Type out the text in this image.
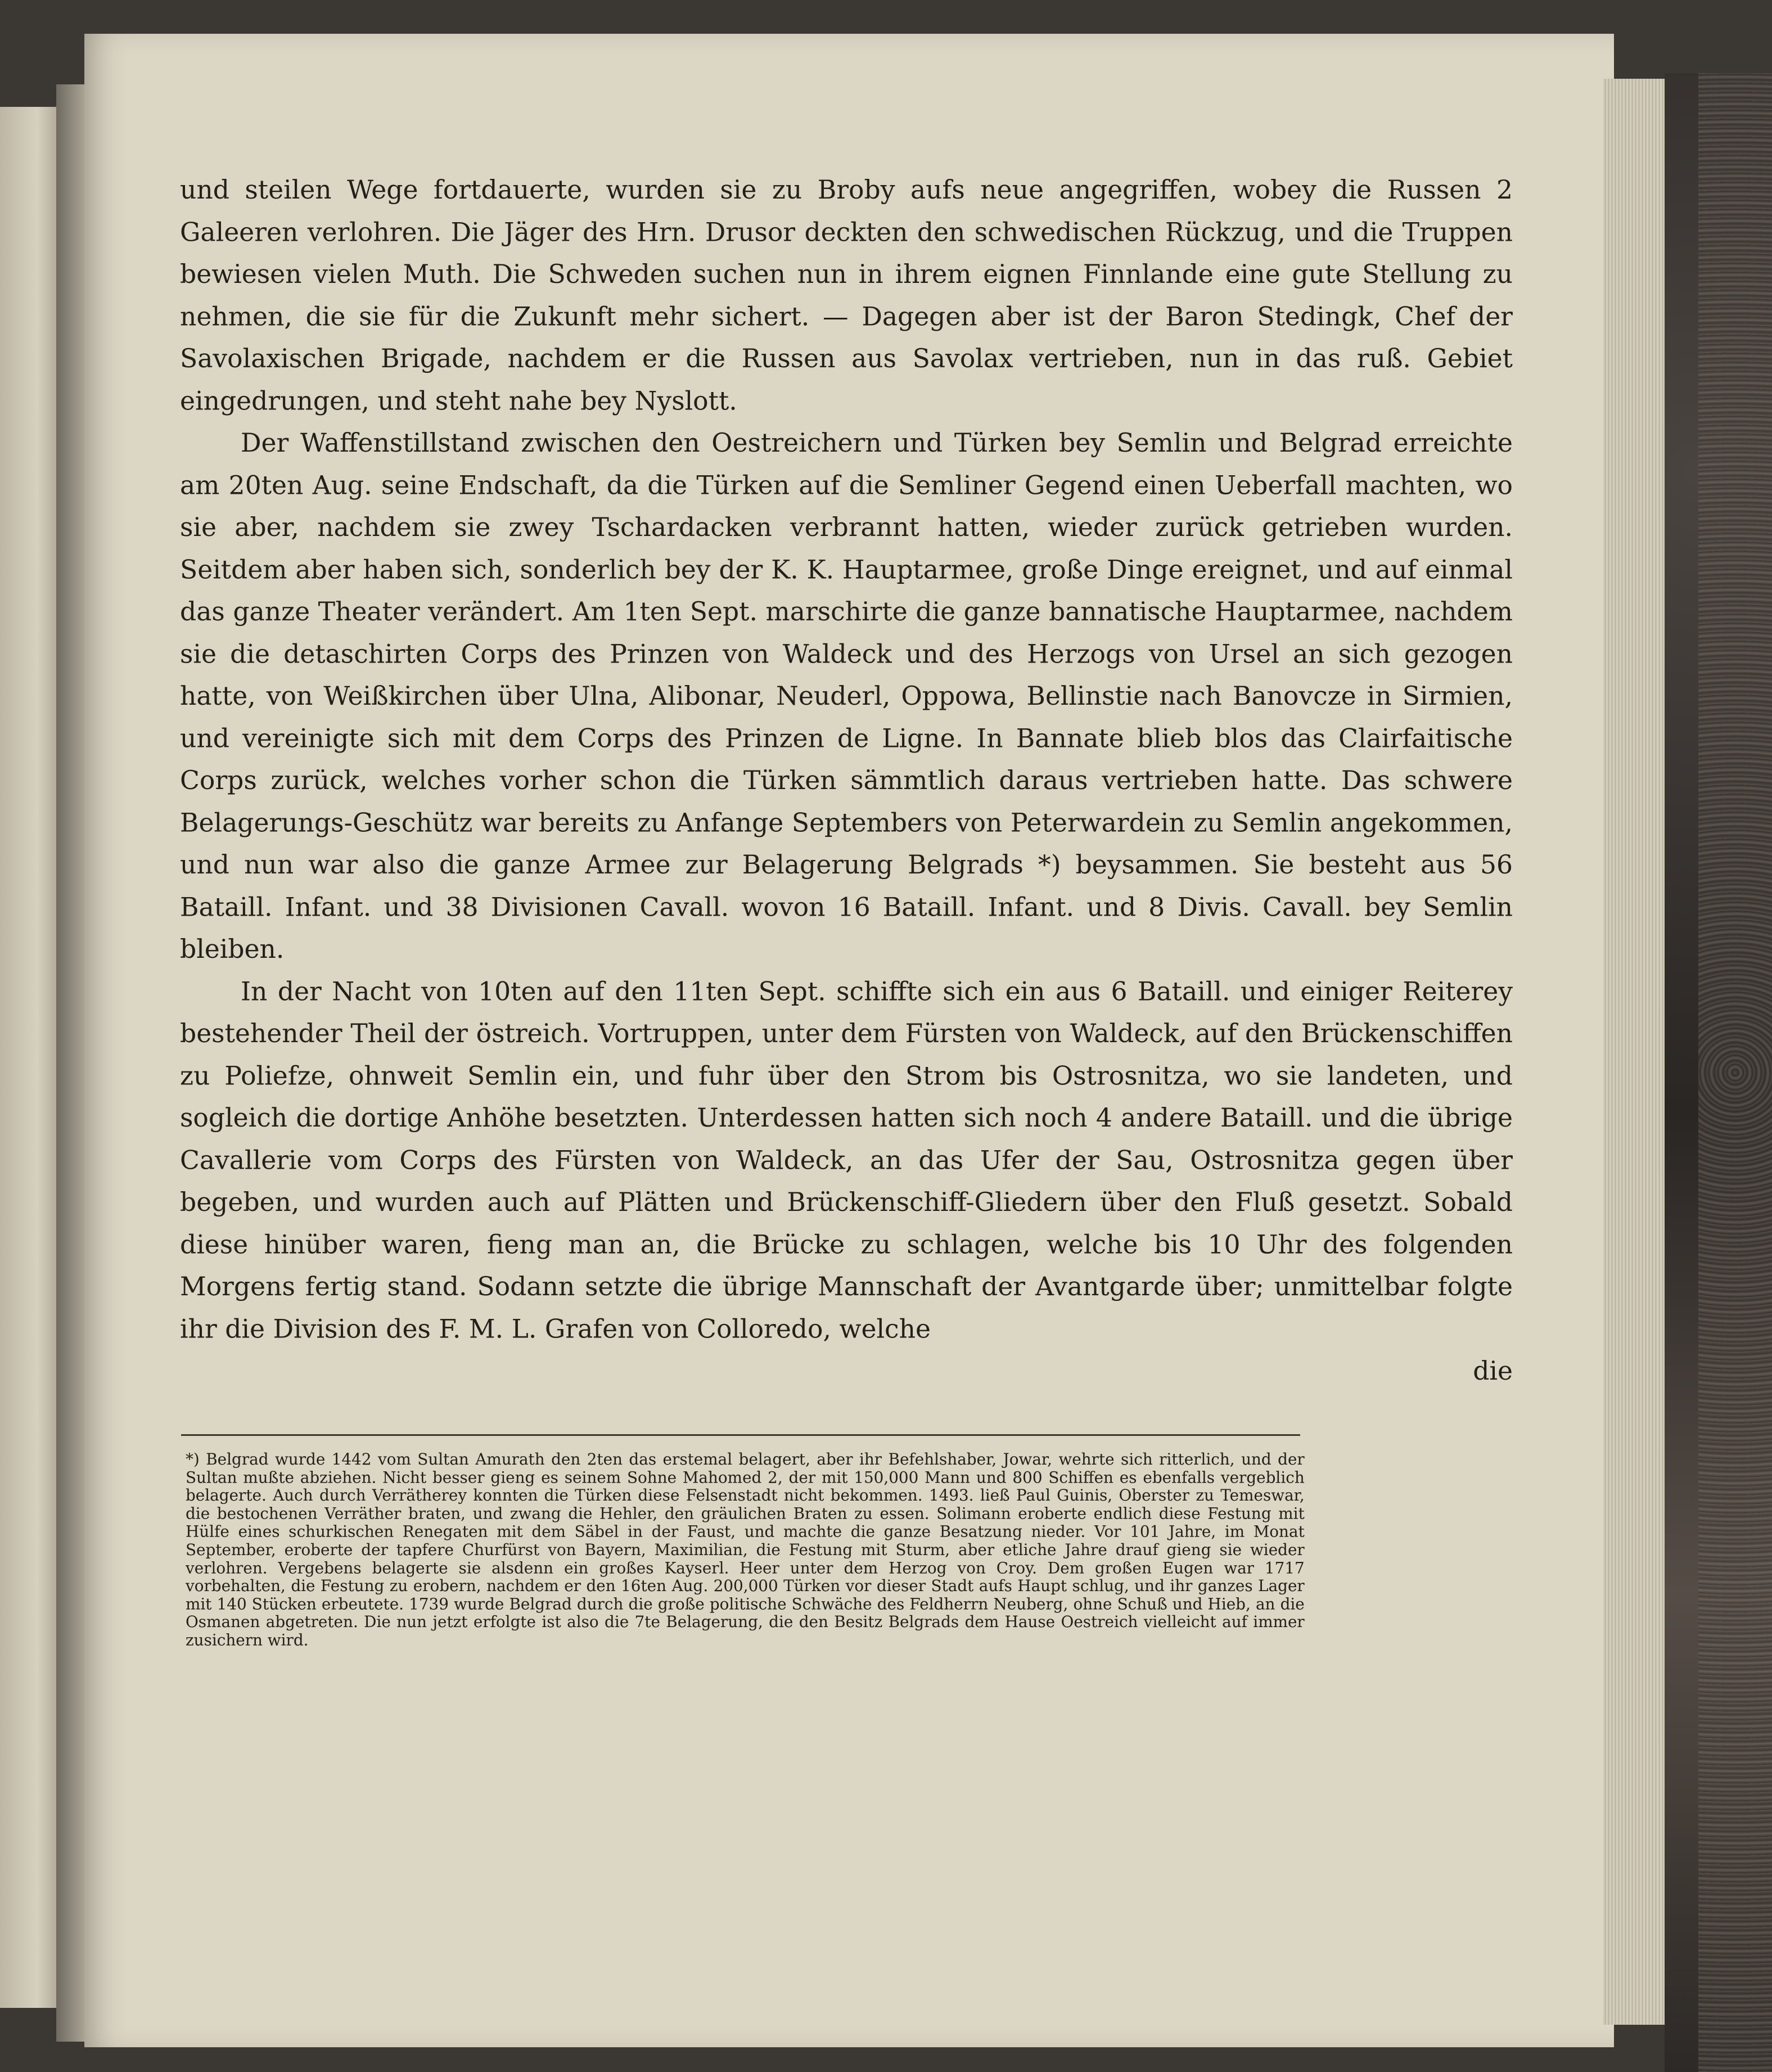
und steilen Wege fortdauerte, wurden sie zu Broby aufs neue angegriffen, wobey die Russen 2 Galeeren verlohren. Die Jäger des Hrn. Drusor deckten den schwedischen Rückzug, und die Truppen bewiesen vielen Muth. Die Schweden suchen nun in ihrem eignen Finnlande eine gute Stellung zu nehmen, die sie für die Zukunft mehr sichert. — Dagegen aber ist der Baron Stedingk, Chef der Savolaxischen Brigade, nachdem er die Russen aus Savolax vertrieben, nun in das ruß. Gebiet eingedrungen, und steht nahe bey Nyslott.

Der Waffenstillstand zwischen den Oestreichern und Türken bey Semlin und Belgrad erreichte am 20ten Aug. seine Endschaft, da die Türken auf die Semliner Gegend einen Ueberfall machten, wo sie aber, nachdem sie zwey Tschardacken verbrannt hatten, wieder zurück getrieben wurden. Seitdem aber haben sich, sonderlich bey der K. K. Hauptarmee, große Dinge ereignet, und auf einmal das ganze Theater verändert. Am 1ten Sept. marschirte die ganze bannatische Hauptarmee, nachdem sie die detaschirten Corps des Prinzen von Waldeck und des Herzogs von Ursel an sich gezogen hatte, von Weißkirchen über Ulna, Alibonar, Neuderl, Oppowa, Bellinstie nach Banovcze in Sirmien, und vereinigte sich mit dem Corps des Prinzen de Ligne. In Bannate blieb blos das Clairfaitische Corps zurück, welches vorher schon die Türken sämmtlich daraus vertrieben hatte. Das schwere Belagerungs-Geschütz war bereits zu Anfange Septembers von Peterwardein zu Semlin angekommen, und nun war also die ganze Armee zur Belagerung Belgrads *) beysammen. Sie besteht aus 56 Bataill. Infant. und 38 Divisionen Cavall. wovon 16 Bataill. Infant. und 8 Divis. Cavall. bey Semlin bleiben.

In der Nacht von 10ten auf den 11ten Sept. schiffte sich ein aus 6 Bataill. und einiger Reiterey bestehender Theil der östreich. Vortruppen, unter dem Fürsten von Waldeck, auf den Brückenschiffen zu Poliefze, ohnweit Semlin ein, und fuhr über den Strom bis Ostrosnitza, wo sie landeten, und sogleich die dortige Anhöhe besetzten. Unterdessen hatten sich noch 4 andere Bataill. und die übrige Cavallerie vom Corps des Fürsten von Waldeck, an das Ufer der Sau, Ostrosnitza gegen über begeben, und wurden auch auf Plätten und Brückenschiff-Gliedern über den Fluß gesetzt. Sobald diese hinüber waren, fieng man an, die Brücke zu schlagen, welche bis 10 Uhr des folgenden Morgens fertig stand. Sodann setzte die übrige Mannschaft der Avantgarde über; unmittelbar folgte ihr die Division des F. M. L. Grafen von Colloredo, welche

die

*) Belgrad wurde 1442 vom Sultan Amurath den 2ten das erstemal belagert, aber ihr Befehlshaber, Jowar, wehrte sich ritterlich, und der Sultan mußte abziehen. Nicht besser gieng es seinem Sohne Mahomed 2, der mit 150,000 Mann und 800 Schiffen es ebenfalls vergeblich belagerte. Auch durch Verrätherey konnten die Türken diese Felsenstadt nicht bekommen. 1493. ließ Paul Guinis, Oberster zu Temeswar, die bestochenen Verräther braten, und zwang die Hehler, den gräulichen Braten zu essen. Solimann eroberte endlich diese Festung mit Hülfe eines schurkischen Renegaten mit dem Säbel in der Faust, und machte die ganze Besatzung nieder. Vor 101 Jahre, im Monat September, eroberte der tapfere Churfürst von Bayern, Maximilian, die Festung mit Sturm, aber etliche Jahre drauf gieng sie wieder verlohren. Vergebens belagerte sie alsdenn ein großes Kayserl. Heer unter dem Herzog von Croy. Dem großen Eugen war 1717 vorbehalten, die Festung zu erobern, nachdem er den 16ten Aug. 200,000 Türken vor dieser Stadt aufs Haupt schlug, und ihr ganzes Lager mit 140 Stücken erbeutete. 1739 wurde Belgrad durch die große politische Schwäche des Feldherrn Neuberg, ohne Schuß und Hieb, an die Osmanen abgetreten. Die nun jetzt erfolgte ist also die 7te Belagerung, die den Besitz Belgrads dem Hause Oestreich vielleicht auf immer zusichern wird.
